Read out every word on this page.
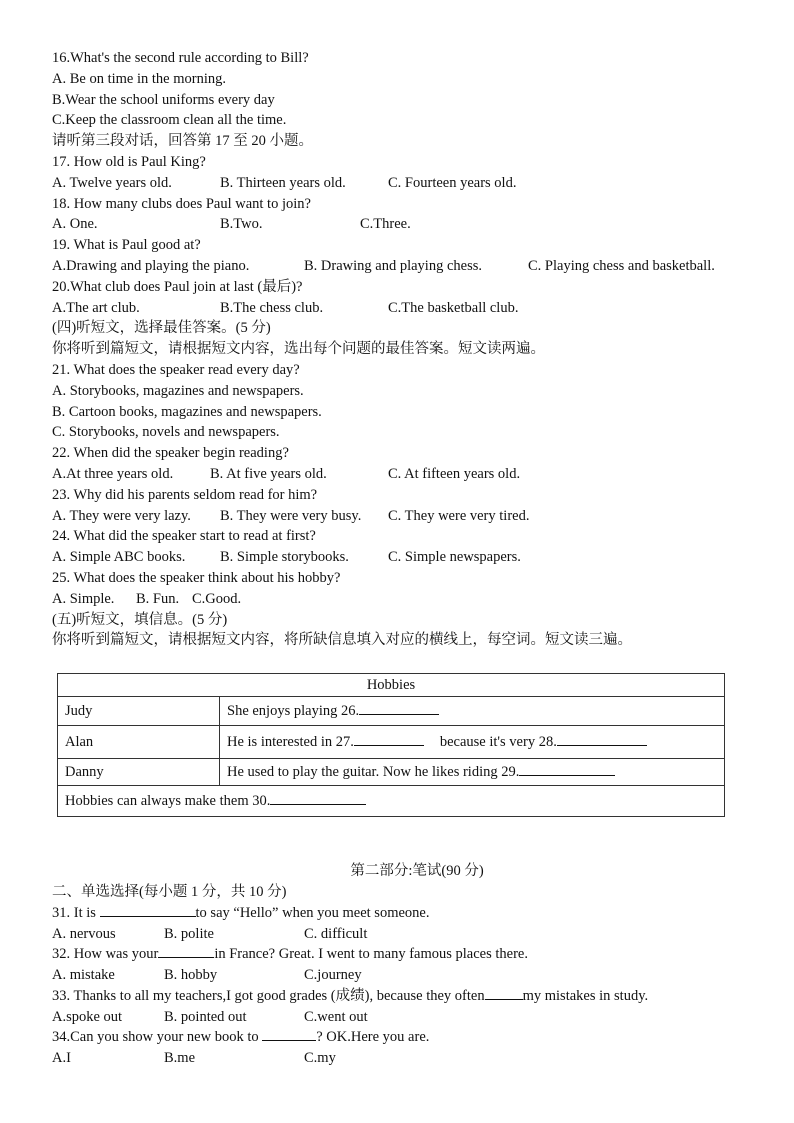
16.What's the second rule according to Bill?
A. Be on time in the morning.
B.Wear the school uniforms every day
C.Keep the classroom clean all the time.
请听第三段对话，回答第 17 至 20 小题。
17. How old is Paul King?
A. Twelve years old.	B. Thirteen years old.	C. Fourteen years old.
18. How many clubs does Paul want to join?
A. One.	B.Two.	C.Three.
19. What is Paul good at?
A.Drawing and playing the piano.	B. Drawing and playing chess.	C. Playing chess and basketball.
20.What club does Paul join at last (最后)?
A.The art club.	B.The chess club.	C.The basketball club.
(四)听短文，选择最佳答案。(5 分)
你将听到篇短文，请根据短文内容，选出每个问题的最佳答案。短文读两遍。
21. What does the speaker read every day?
A. Storybooks, magazines and newspapers.
B. Cartoon books, magazines and newspapers.
C. Storybooks, novels and newspapers.
22. When did the speaker begin reading?
A.At three years old.	B. At five years old.	C. At fifteen years old.
23. Why did his parents seldom read for him?
A. They were very lazy.	B. They were very busy.	C. They were very tired.
24. What did the speaker start to read at first?
A. Simple ABC books.	B. Simple storybooks.	C. Simple newspapers.
25. What does the speaker think about his hobby?
A. Simple.	B. Fun. C.Good.
(五)听短文，填信息。(5 分)
你将听到篇短文，请根据短文内容，将所缺信息填入对应的横线上，每空词。短文读三遍。
Hobbies	
Judy	She enjoys playing 26.
Alan	He is interested in 27. because it's very 28.
Danny	He used to play the guitar. Now he likes riding 29.
Hobbies can always make them 30.	
第二部分:笔试(90 分)
二、单选选择(每小题 1 分，共 10 分)
31. It is	to say “Hello” when you meet someone.
A. nervous	B. polite	C. difficult
32. How was your	in France? Great. I went to many famous places there.
A. mistake	B. hobby	C.journey
33. Thanks to all my teachers,I got good grades (成绩), because they often	my mistakes in study.
A.spoke out	B. pointed out	C.went out
34.Can you show your new book to	? OK.Here you are.
A.I	B.me	C.my
